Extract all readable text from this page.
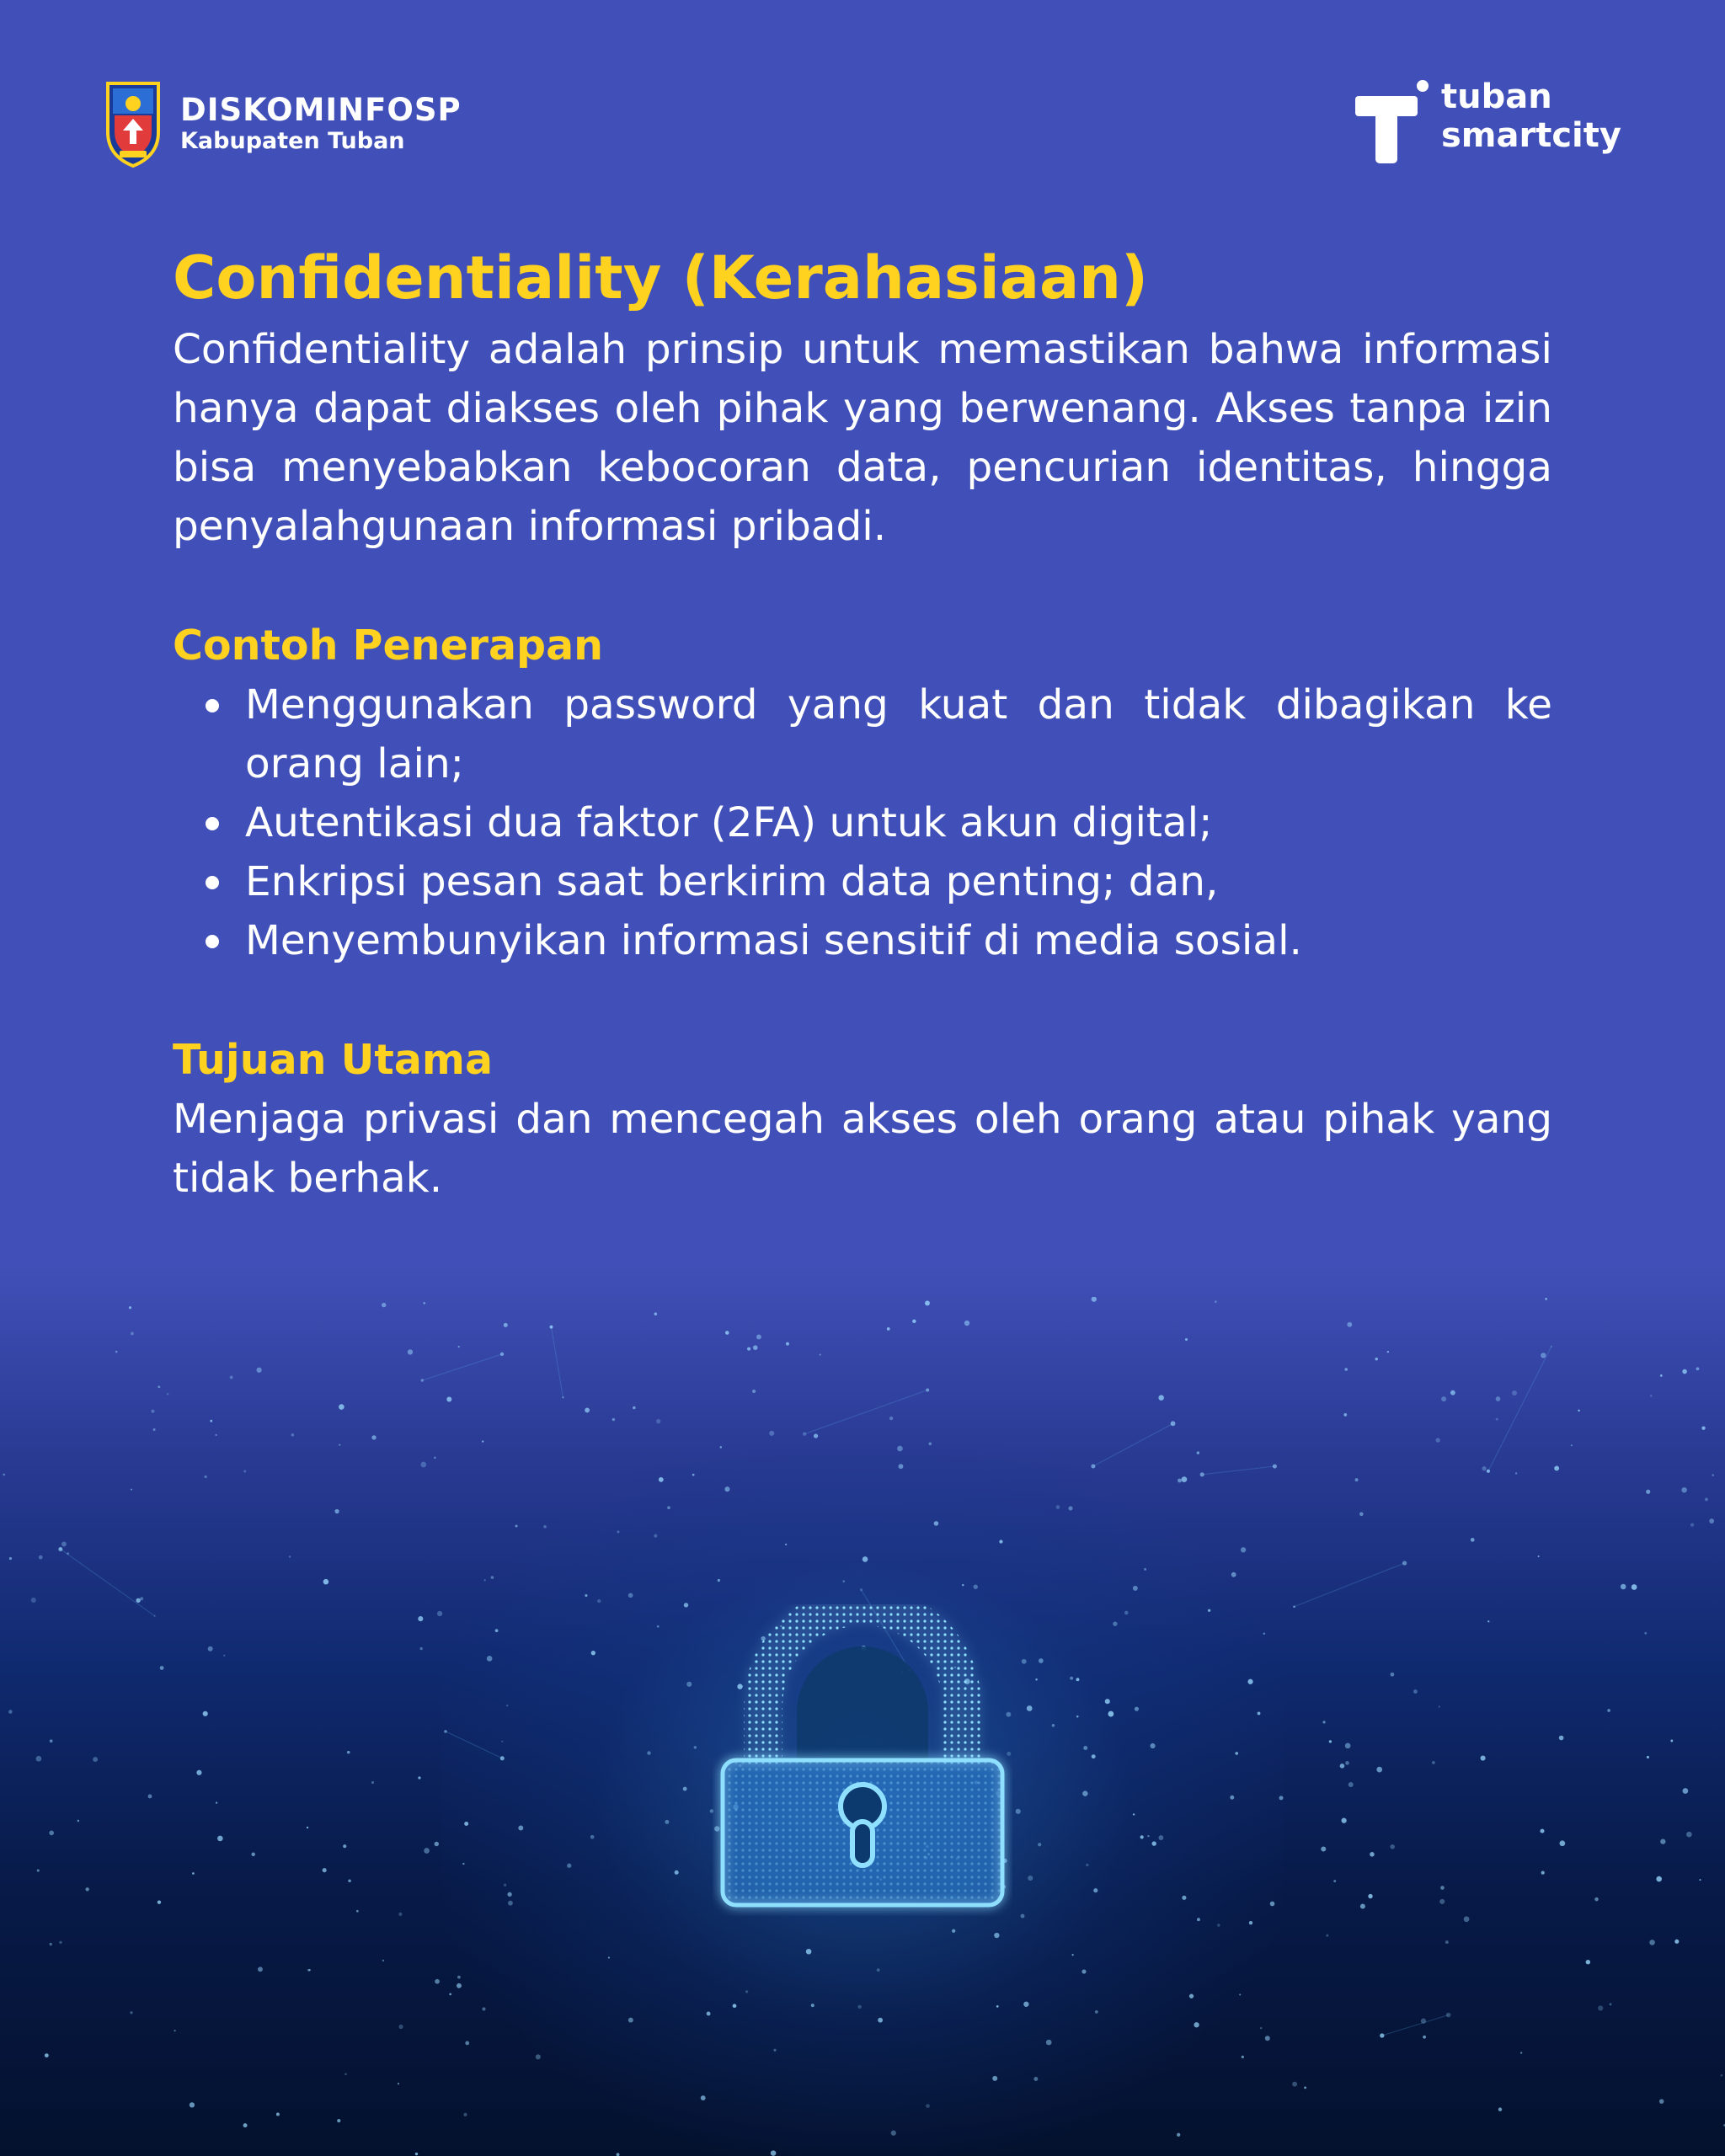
DISKOMINFOSP
Kabupaten Tuban
tuban
smartcity
Confidentiality (Kerahasiaan)

Confidentiality adalah prinsip untuk memastikan bahwa informasi hanya dapat diakses oleh pihak yang berwenang. Akses tanpa izin bisa menyebabkan kebocoran data, pencurian identitas, hingga penyalahgunaan informasi pribadi.

Contoh Penerapan
Menggunakan password yang kuat dan tidak dibagikan ke orang lain;
Autentikasi dua faktor (2FA) untuk akun digital;
Enkripsi pesan saat berkirim data penting; dan,
Menyembunyikan informasi sensitif di media sosial.
Tujuan Utama

Menjaga privasi dan mencegah akses oleh orang atau pihak yang tidak berhak.
